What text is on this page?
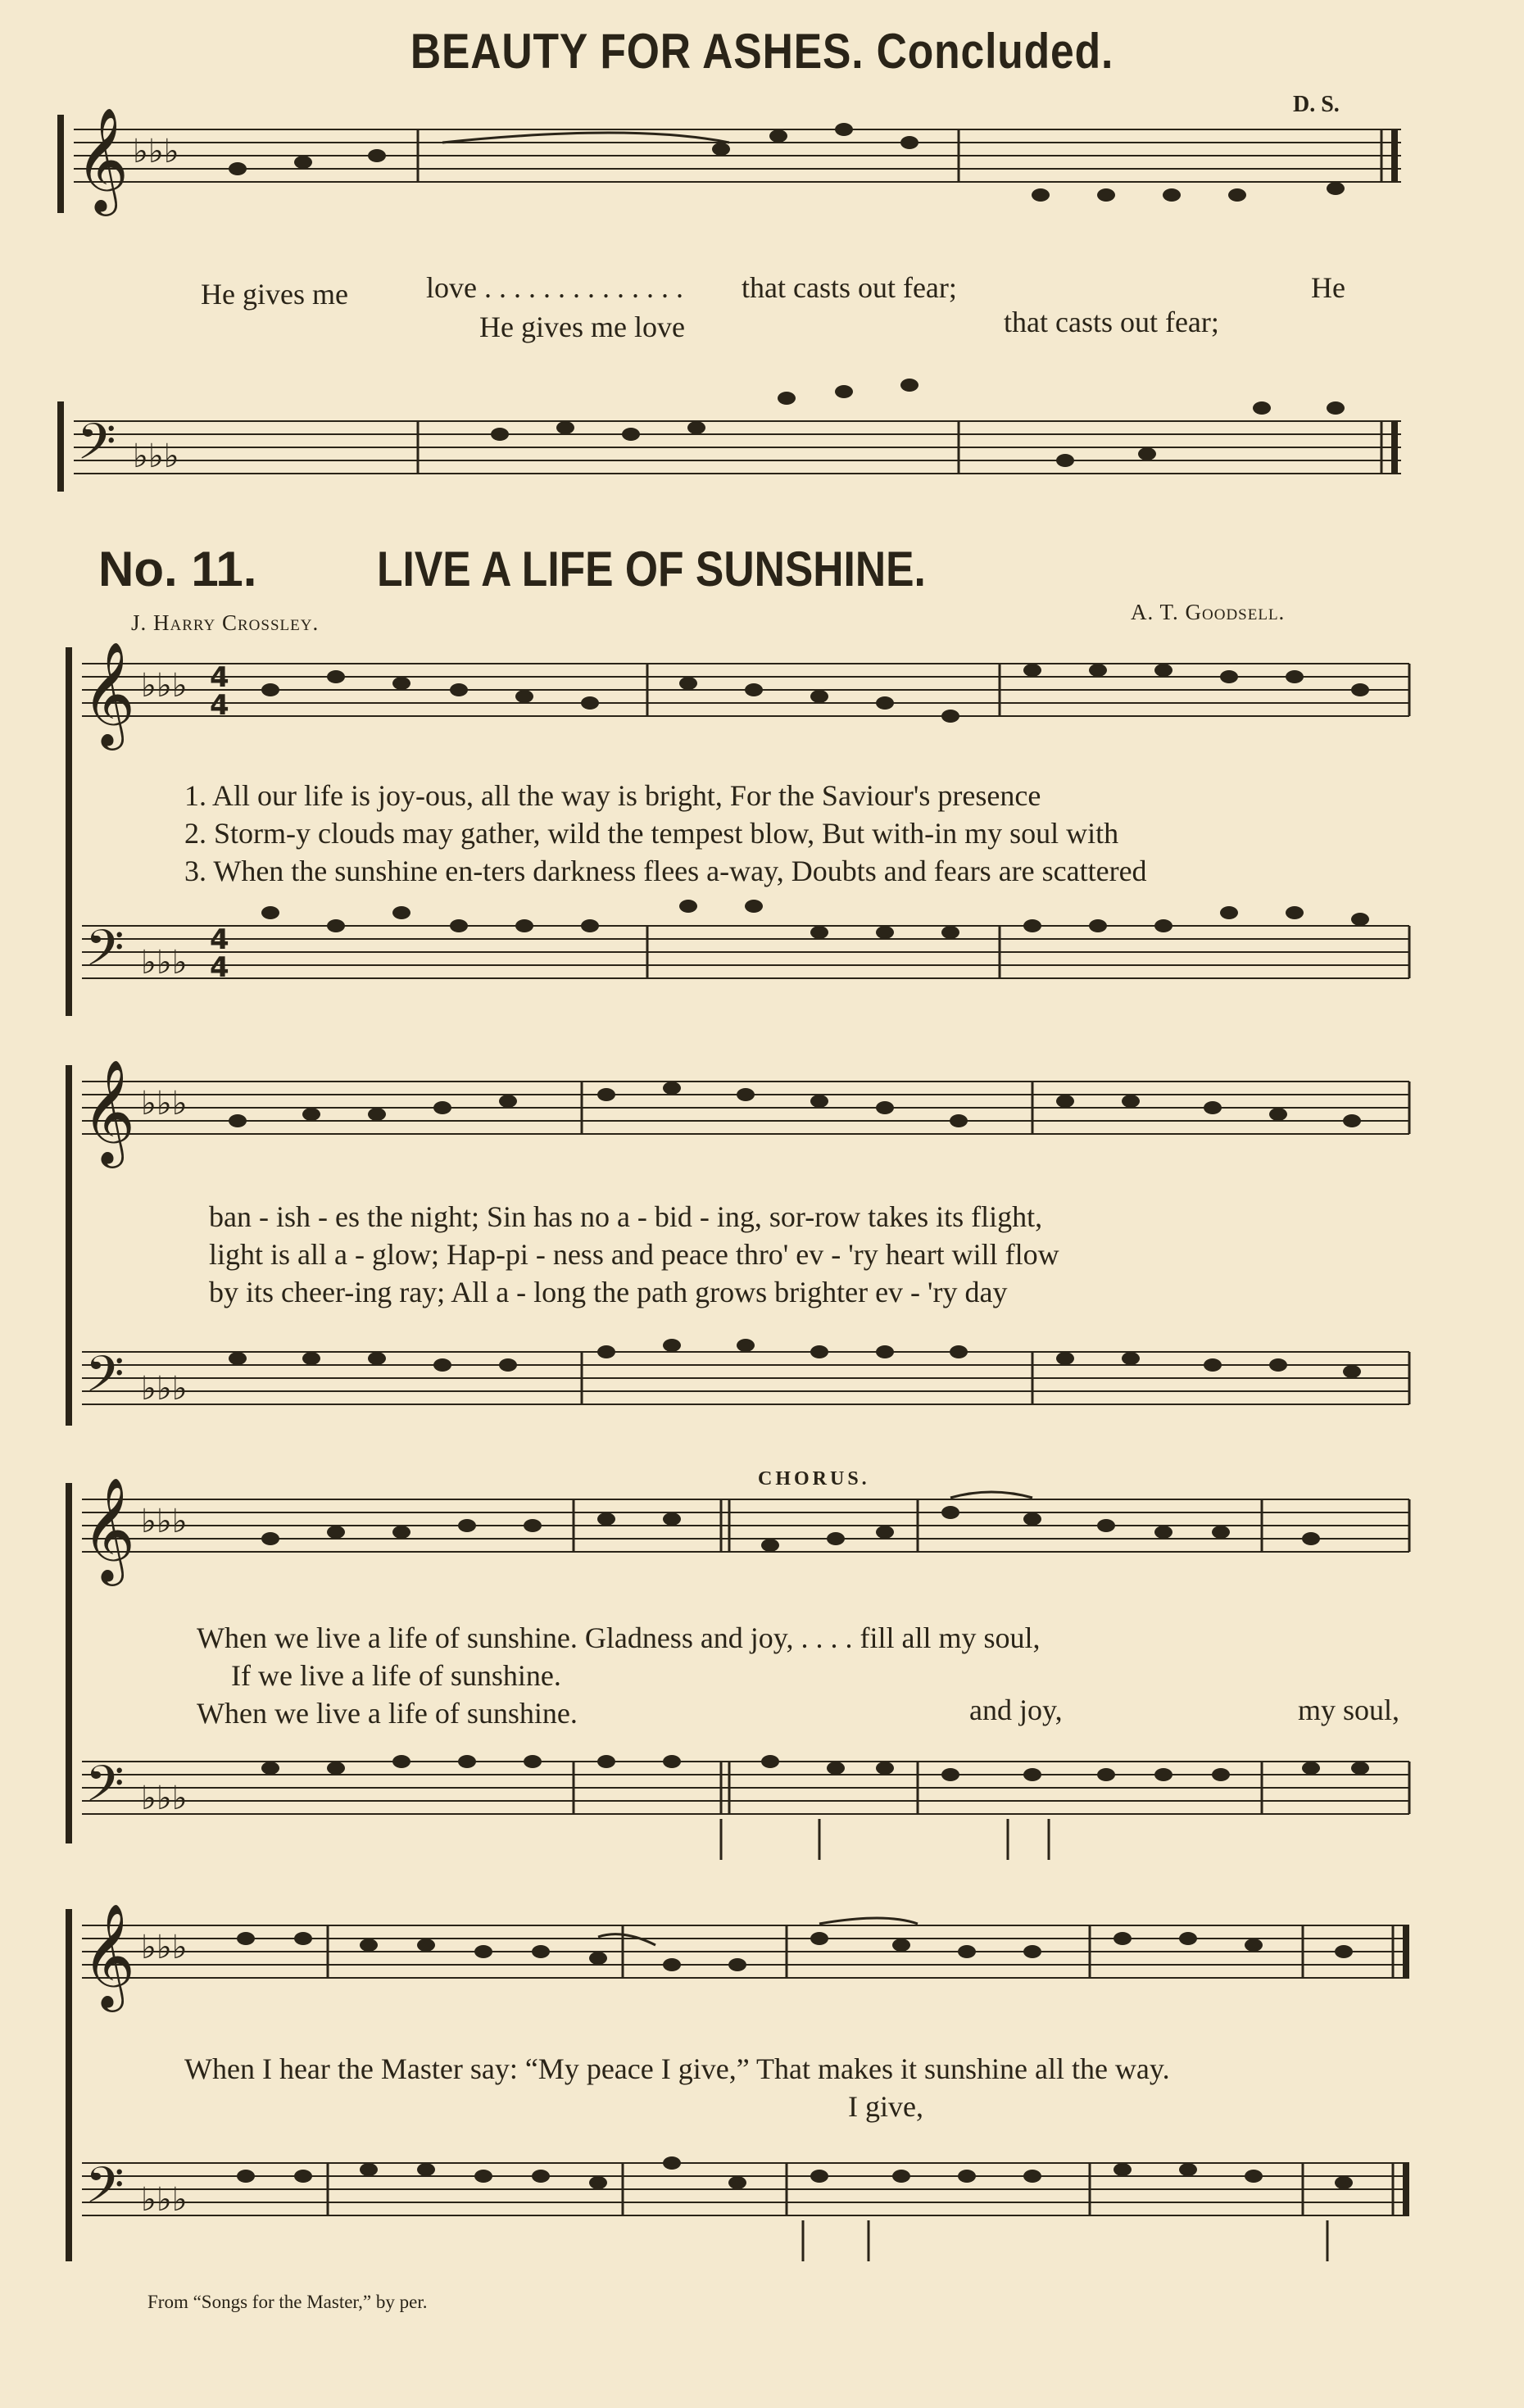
BEAUTY FOR ASHES. Concluded.
D. S.
𝄞 ♭♭♭
He gives me	love . . . . . . . . . . . . . . that casts out fear;	He
He gives me love	that casts out fear;
𝄢 ♭♭♭
No. 11. LIVE A LIFE OF SUNSHINE.
J. Harry Crossley.	A. T. Goodsell.
𝄞 ♭♭♭ 4
4
1. All our life is joy-ous, all the way is bright, For the Saviour's presence
2. Storm-y clouds may gather, wild the tempest blow, But with-in my soul with
3. When the sunshine en-ters darkness flees a-way, Doubts and fears are scattered
𝄢 ♭♭♭
4
4
𝄞 ♭♭♭
ban - ish - es the night; Sin has no a - bid - ing, sor-row takes its flight,
light is all a - glow; Hap-pi - ness and peace thro' ev - 'ry heart will flow
by its cheer-ing ray; All a - long the path grows brighter ev - 'ry day
𝄢 ♭♭♭
CHORUS.
𝄞 ♭♭♭
When we live a life of sunshine. Gladness and joy, . . . . fill all my soul,
If we live a life of sunshine.
When we live a life of sunshine.	and joy,	my soul,
𝄢 ♭♭♭
𝄞 ♭♭♭
When I hear the Master say: “My peace I give,” That makes it sunshine all the way.
I give,
𝄢 ♭♭♭
From “Songs for the Master,” by per.
